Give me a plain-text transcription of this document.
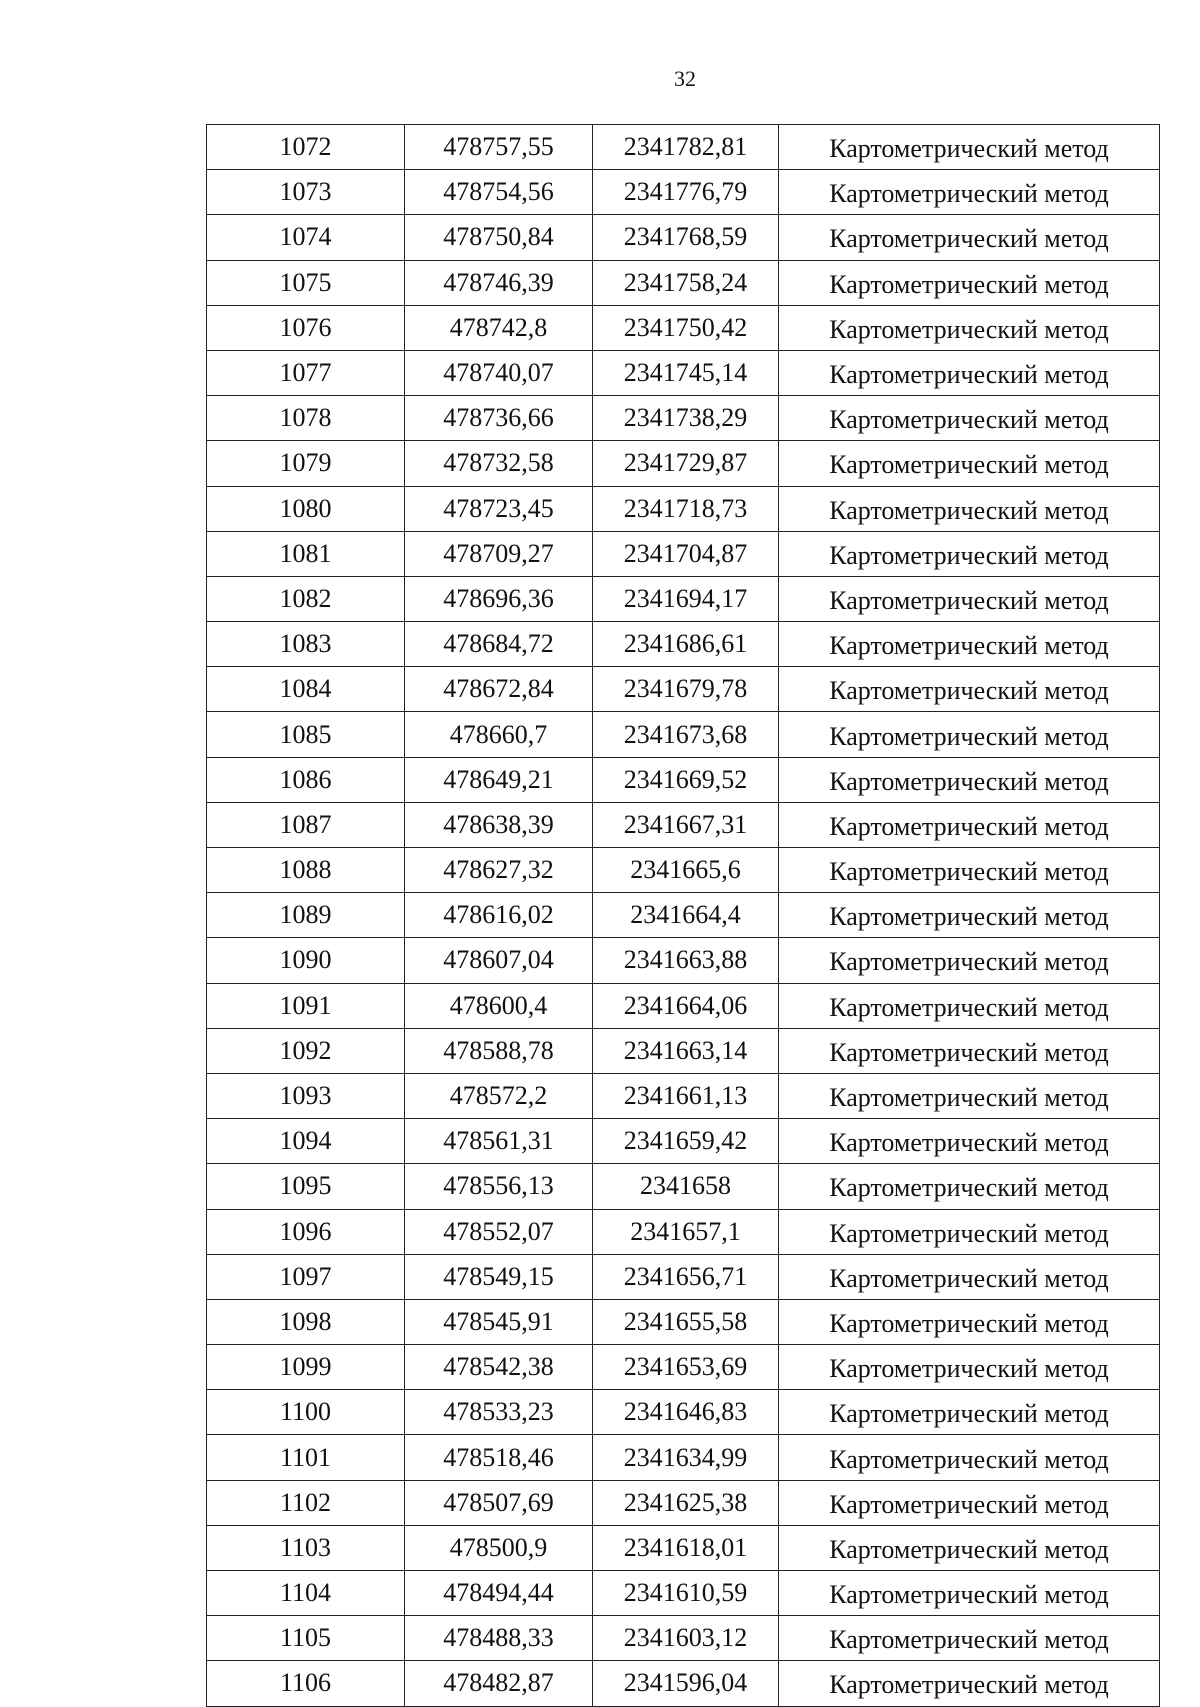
32
1072	478757,55	2341782,81	Картометрический метод
1073	478754,56	2341776,79	Картометрический метод
1074	478750,84	2341768,59	Картометрический метод
1075	478746,39	2341758,24	Картометрический метод
1076	478742,8	2341750,42	Картометрический метод
1077	478740,07	2341745,14	Картометрический метод
1078	478736,66	2341738,29	Картометрический метод
1079	478732,58	2341729,87	Картометрический метод
1080	478723,45	2341718,73	Картометрический метод
1081	478709,27	2341704,87	Картометрический метод
1082	478696,36	2341694,17	Картометрический метод
1083	478684,72	2341686,61	Картометрический метод
1084	478672,84	2341679,78	Картометрический метод
1085	478660,7	2341673,68	Картометрический метод
1086	478649,21	2341669,52	Картометрический метод
1087	478638,39	2341667,31	Картометрический метод
1088	478627,32	2341665,6	Картометрический метод
1089	478616,02	2341664,4	Картометрический метод
1090	478607,04	2341663,88	Картометрический метод
1091	478600,4	2341664,06	Картометрический метод
1092	478588,78	2341663,14	Картометрический метод
1093	478572,2	2341661,13	Картометрический метод
1094	478561,31	2341659,42	Картометрический метод
1095	478556,13	2341658	Картометрический метод
1096	478552,07	2341657,1	Картометрический метод
1097	478549,15	2341656,71	Картометрический метод
1098	478545,91	2341655,58	Картометрический метод
1099	478542,38	2341653,69	Картометрический метод
1100	478533,23	2341646,83	Картометрический метод
1101	478518,46	2341634,99	Картометрический метод
1102	478507,69	2341625,38	Картометрический метод
1103	478500,9	2341618,01	Картометрический метод
1104	478494,44	2341610,59	Картометрический метод
1105	478488,33	2341603,12	Картометрический метод
1106	478482,87	2341596,04	Картометрический метод
